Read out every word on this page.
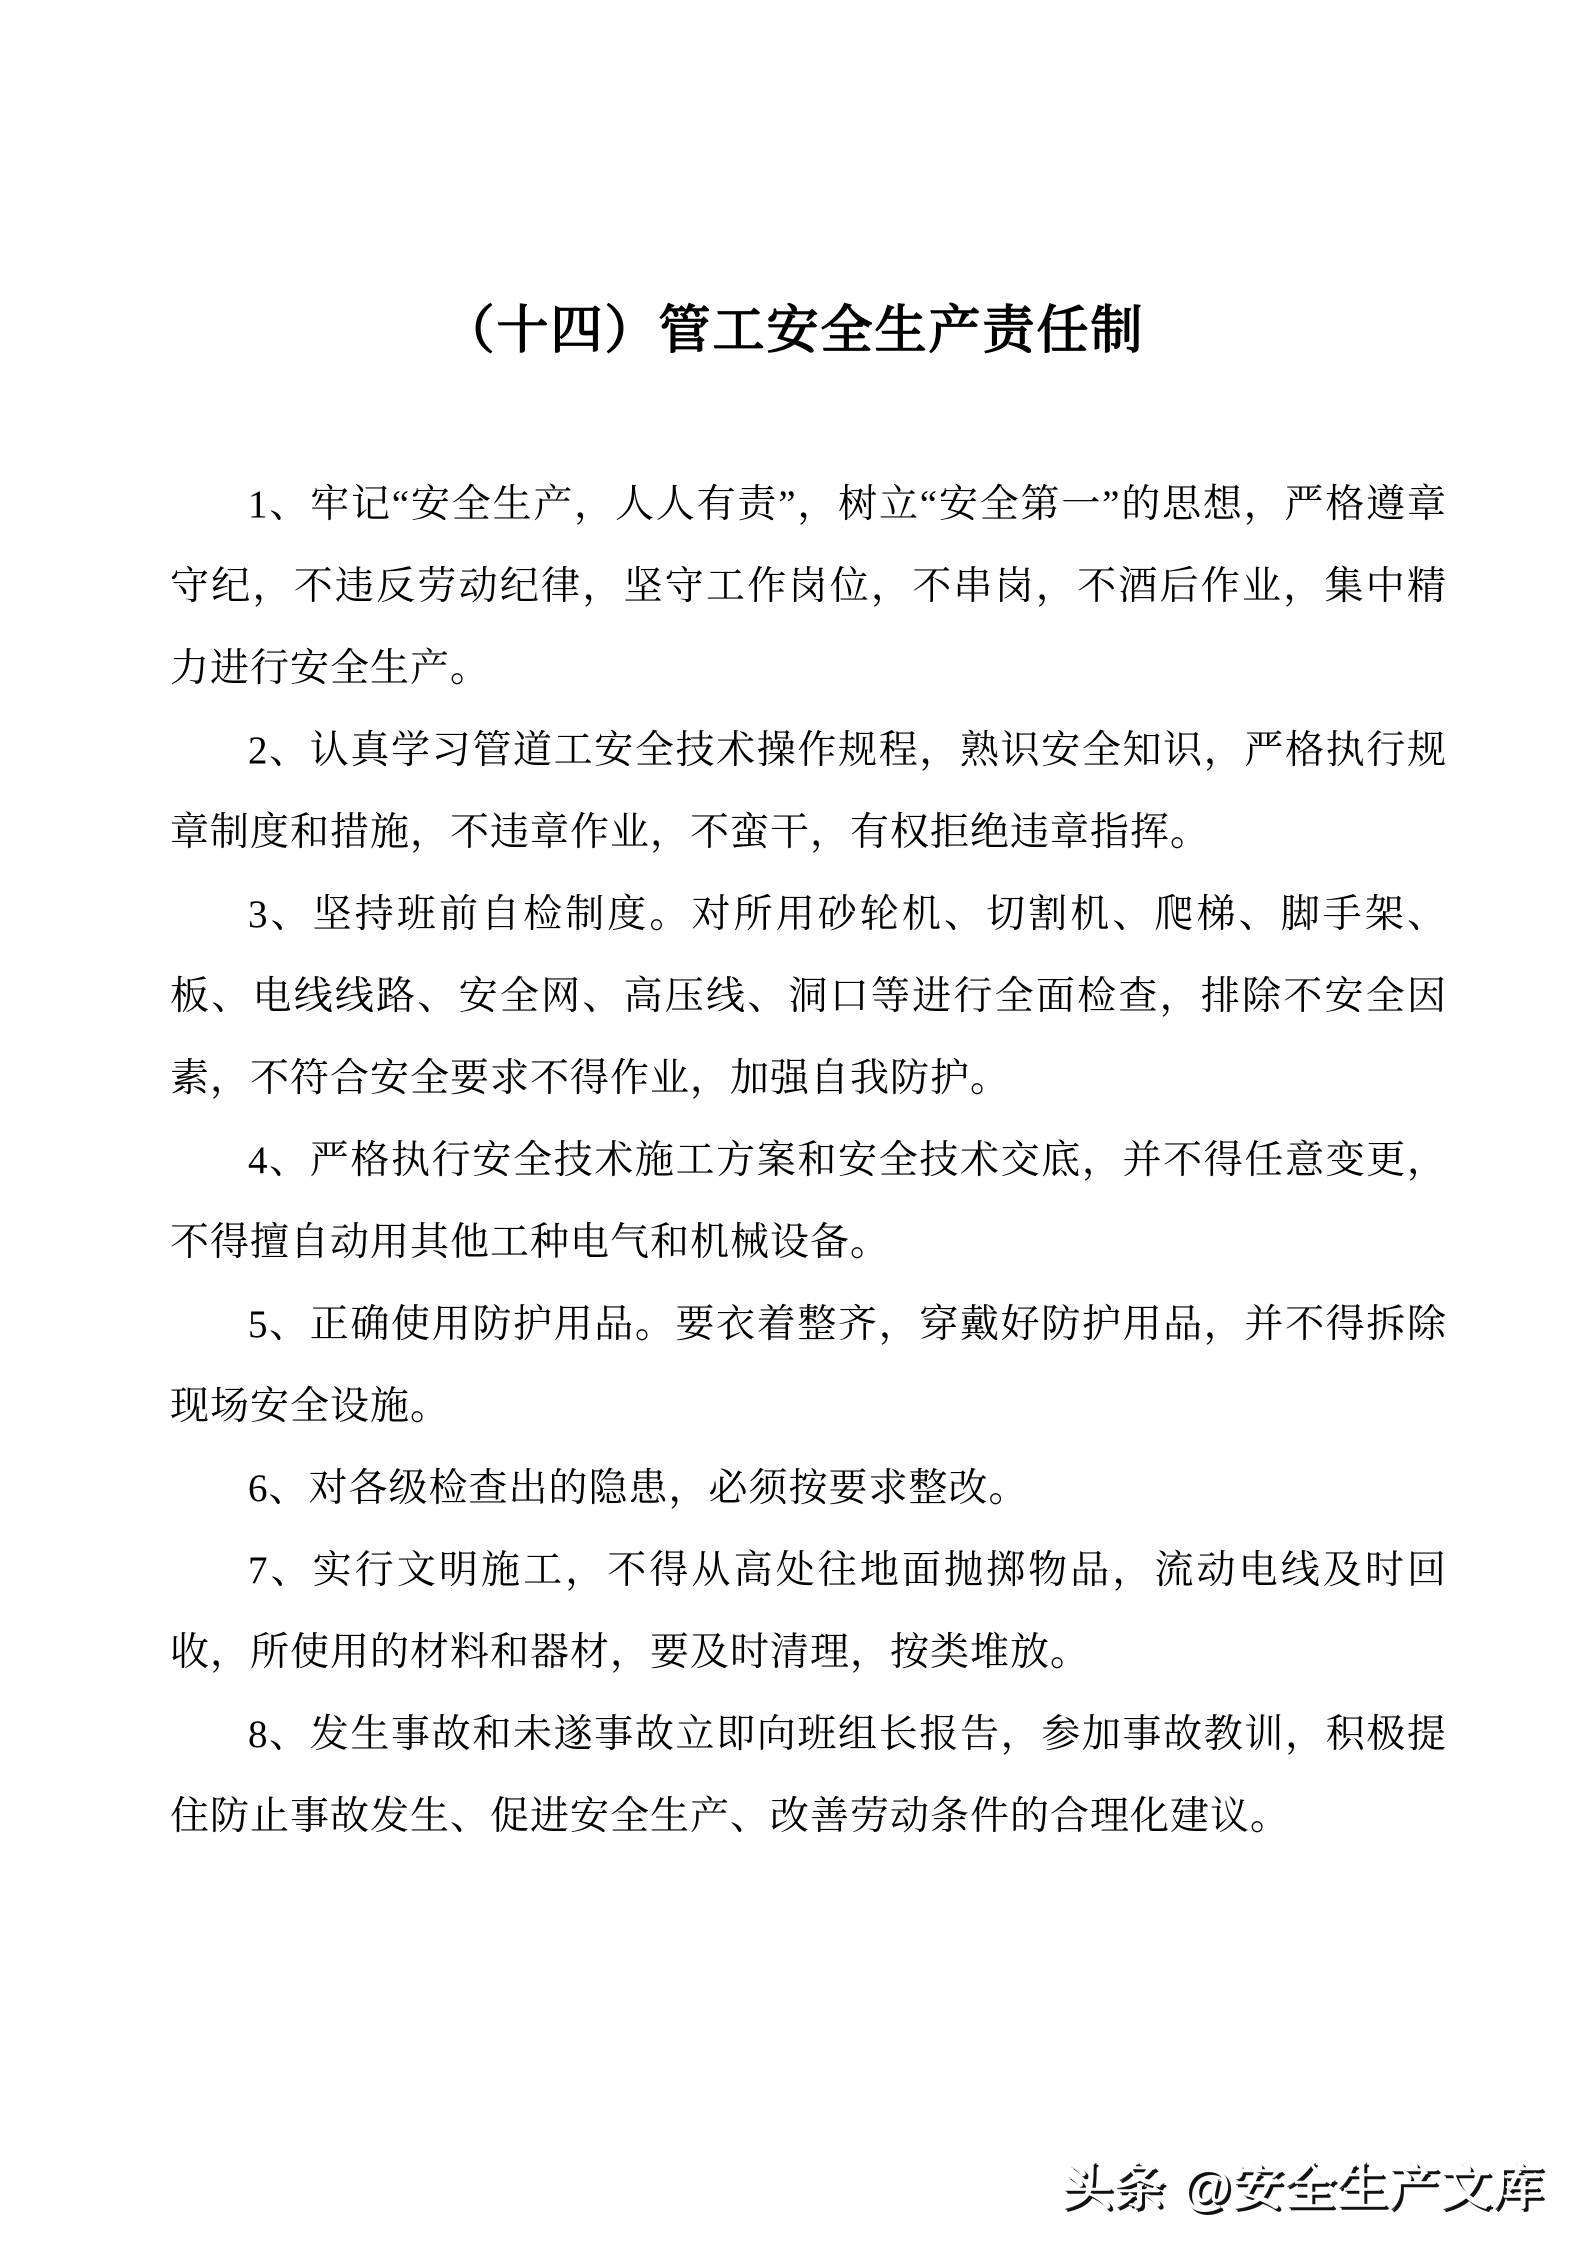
（十四）管工安全生产责任制

1、牢记“安全生产，人人有责”，树立“安全第一”的思想，严格遵章守纪，不违反劳动纪律，坚守工作岗位，不串岗，不酒后作业，集中精力进行安全生产。

2、认真学习管道工安全技术操作规程，熟识安全知识，严格执行规章制度和措施，不违章作业，不蛮干，有权拒绝违章指挥。

3、坚持班前自检制度。对所用砂轮机、切割机、爬梯、脚手架、板、电线线路、安全网、高压线、洞口等进行全面检查，排除不安全因素，不符合安全要求不得作业，加强自我防护。

4、严格执行安全技术施工方案和安全技术交底，并不得任意变更，不得擅自动用其他工种电气和机械设备。

5、正确使用防护用品。要衣着整齐，穿戴好防护用品，并不得拆除现场安全设施。

6、对各级检查出的隐患，必须按要求整改。

7、实行文明施工，不得从高处往地面抛掷物品，流动电线及时回收，所使用的材料和器材，要及时清理，按类堆放。

8、发生事故和未遂事故立即向班组长报告，参加事故教训，积极提住防止事故发生、促进安全生产、改善劳动条件的合理化建议。

头条 @安全生产文库
